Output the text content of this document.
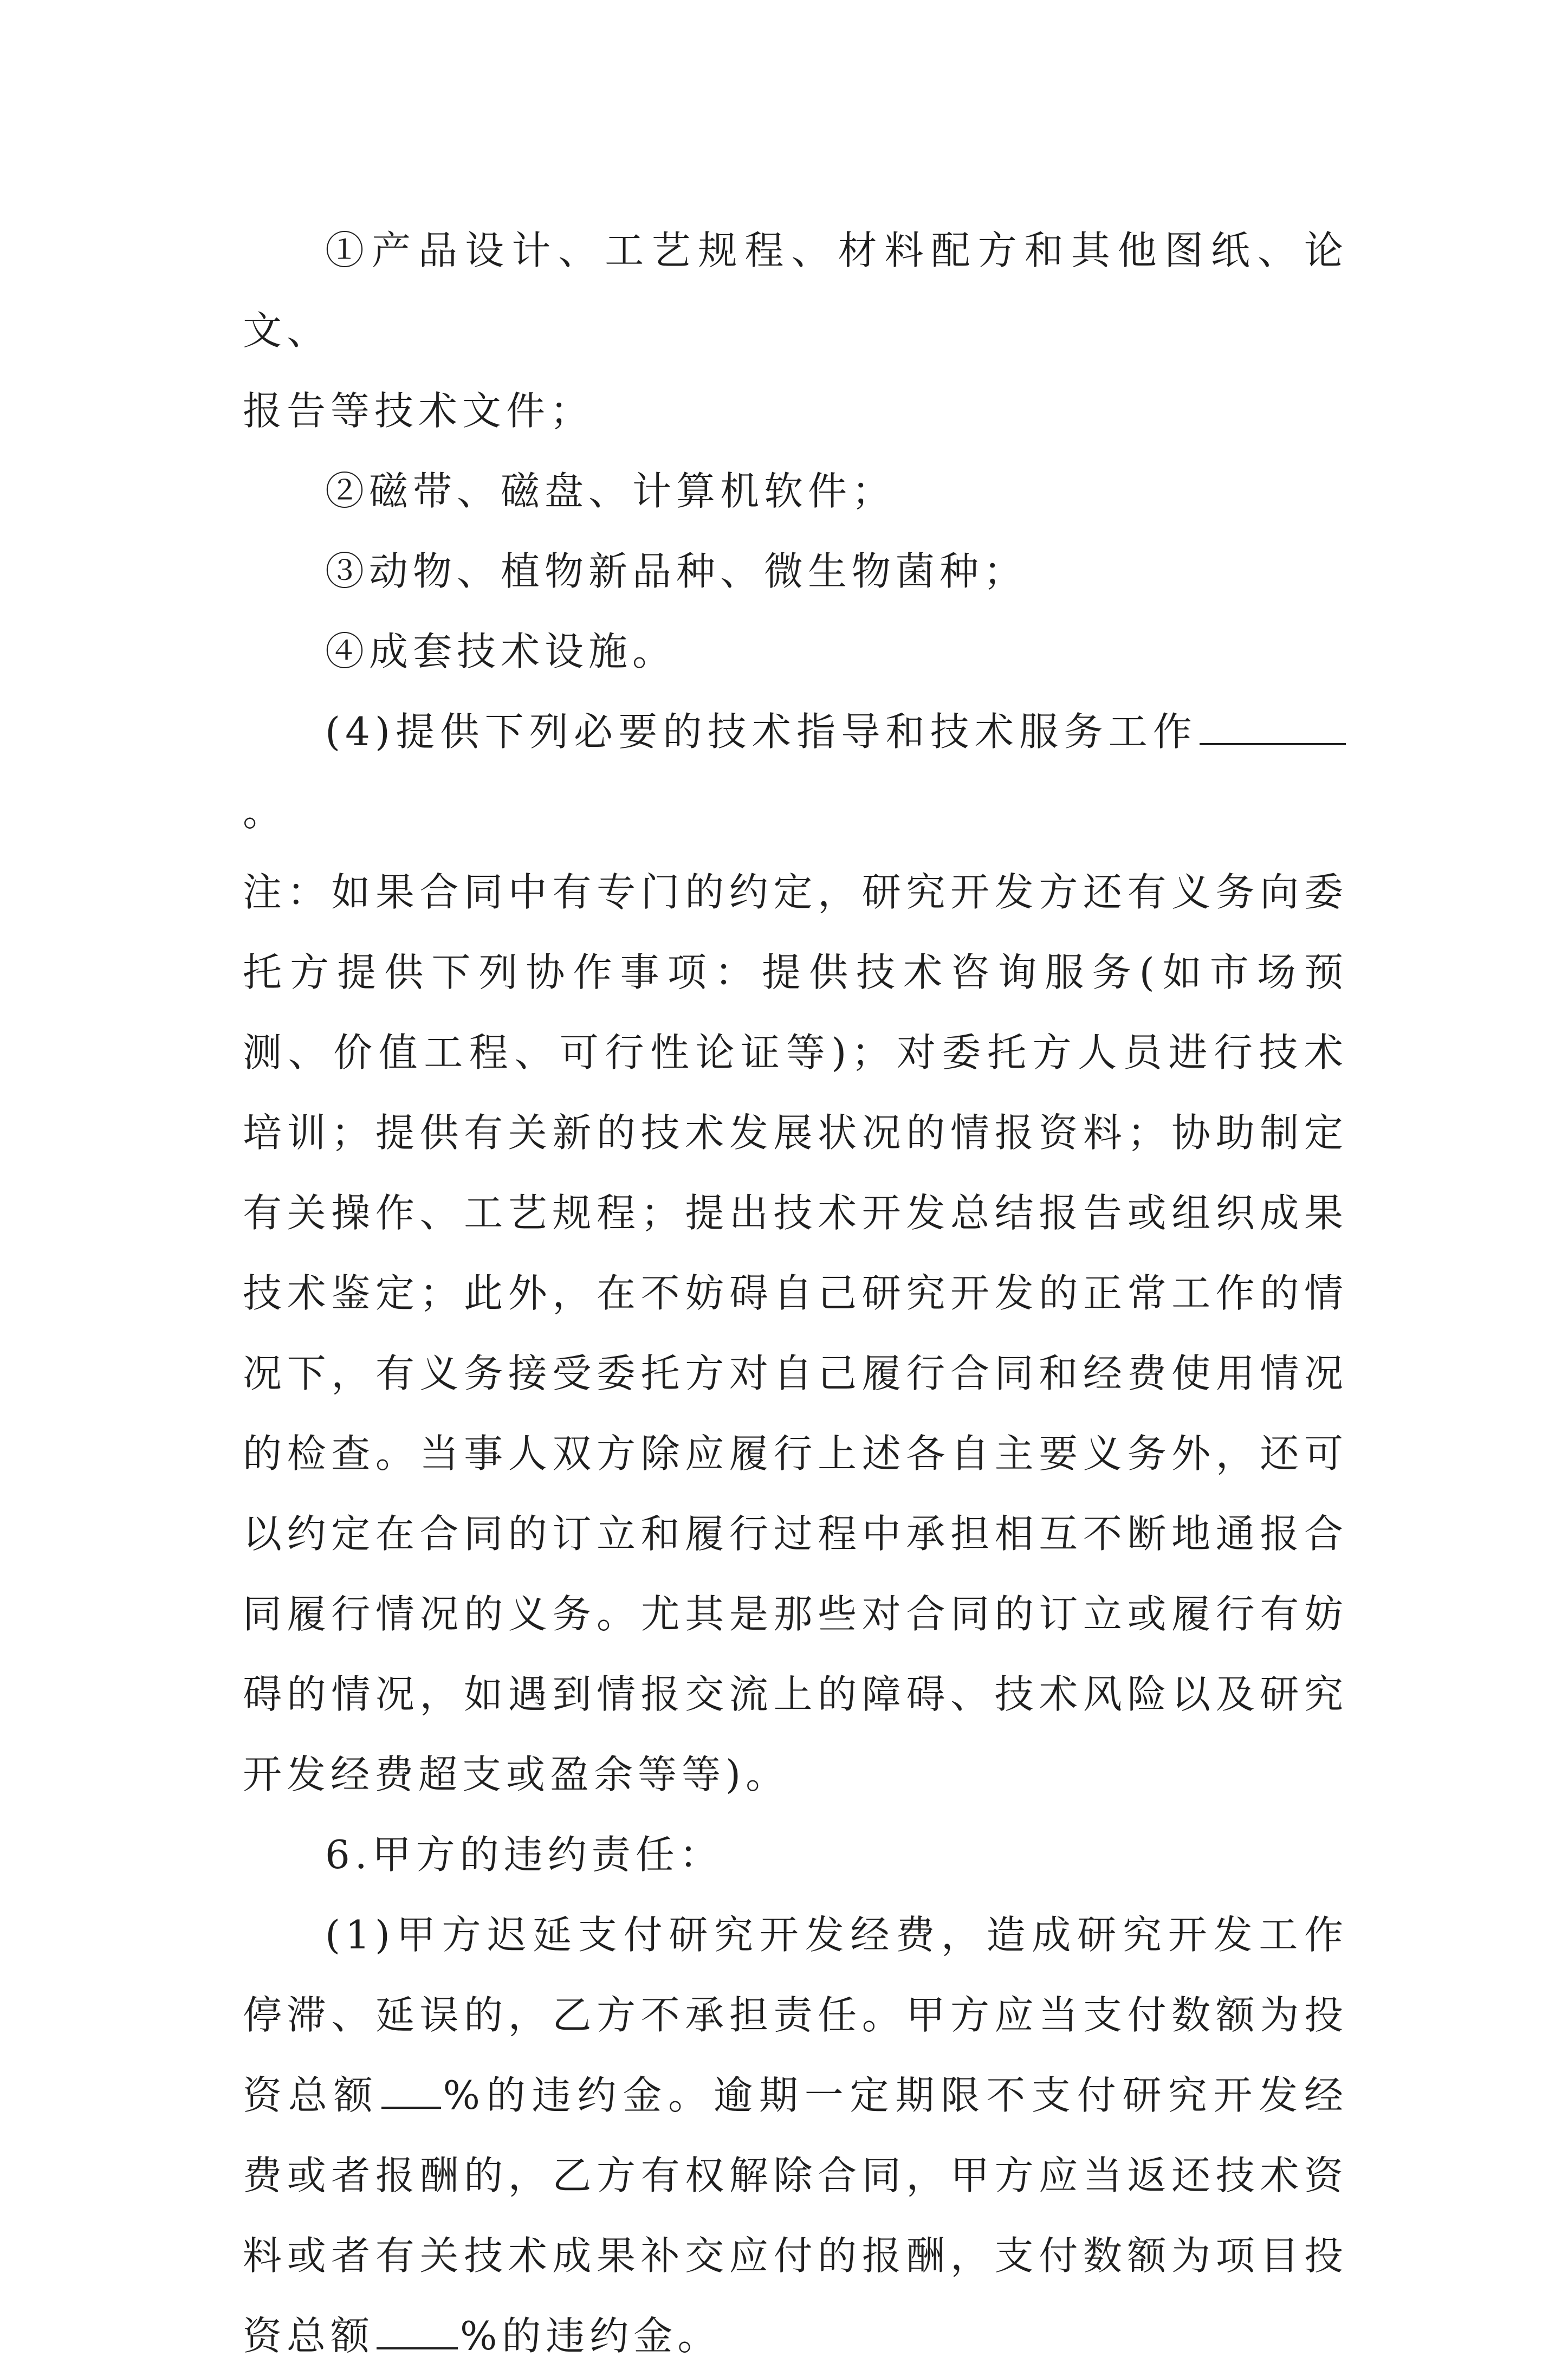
①产品设计、工艺规程、材料配方和其他图纸、论文、

报告等技术文件；

②磁带、磁盘、计算机软件；

③动物、植物新品种、微生物菌种；

④成套技术设施。

(4)提供下列必要的技术指导和技术服务工作。

注：如果合同中有专门的约定，研究开发方还有义务向委托方提供下列协作事项：提供技术咨询服务(如市场预测、价值工程、可行性论证等)；对委托方人员进行技术培训；提供有关新的技术发展状况的情报资料；协助制定有关操作、工艺规程；提出技术开发总结报告或组织成果技术鉴定；此外，在不妨碍自己研究开发的正常工作的情况下，有义务接受委托方对自己履行合同和经费使用情况的检查。当事人双方除应履行上述各自主要义务外，还可以约定在合同的订立和履行过程中承担相互不断地通报合同履行情况的义务。尤其是那些对合同的订立或履行有妨碍的情况，如遇到情报交流上的障碍、技术风险以及研究开发经费超支或盈余等等)。

6.甲方的违约责任：

(1)甲方迟延支付研究开发经费，造成研究开发工作停滞、延误的，乙方不承担责任。甲方应当支付数额为投资总额 %的违约金。逾期一定期限不支付研究开发经费或者报酬的，乙方有权解除合同，甲方应当返还技术资料或者有关技术成果补交应付的报酬，支付数额为项目投资总额 %的违约金。
